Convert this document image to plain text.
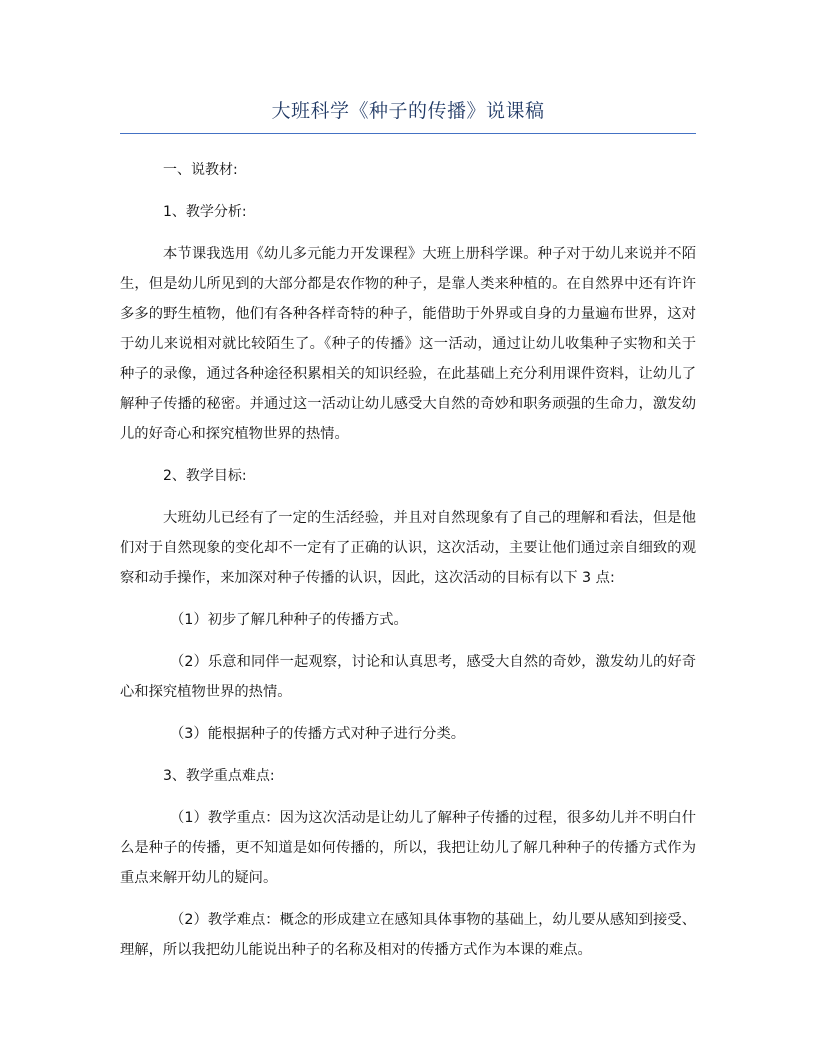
大班科学《种子的传播》说课稿

一、说教材:

1、教学分析:

本节课我选用《幼儿多元能力开发课程》大班上册科学课。种子对于幼儿来说并不陌生，但是幼儿所见到的大部分都是农作物的种子，是靠人类来种植的。在自然界中还有许许多多的野生植物，他们有各种各样奇特的种子，能借助于外界或自身的力量遍布世界，这对于幼儿来说相对就比较陌生了。《种子的传播》这一活动，通过让幼儿收集种子实物和关于种子的录像，通过各种途径积累相关的知识经验，在此基础上充分利用课件资料，让幼儿了解种子传播的秘密。并通过这一活动让幼儿感受大自然的奇妙和职务顽强的生命力，激发幼儿的好奇心和探究植物世界的热情。

2、教学目标:

大班幼儿已经有了一定的生活经验，并且对自然现象有了自己的理解和看法，但是他们对于自然现象的变化却不一定有了正确的认识，这次活动，主要让他们通过亲自细致的观察和动手操作，来加深对种子传播的认识，因此，这次活动的目标有以下 3 点:

（1）初步了解几种种子的传播方式。

（2）乐意和同伴一起观察，讨论和认真思考，感受大自然的奇妙，激发幼儿的好奇心和探究植物世界的热情。

（3）能根据种子的传播方式对种子进行分类。

3、教学重点难点:

（1）教学重点：因为这次活动是让幼儿了解种子传播的过程，很多幼儿并不明白什么是种子的传播，更不知道是如何传播的，所以，我把让幼儿了解几种种子的传播方式作为重点来解开幼儿的疑问。

（2）教学难点：概念的形成建立在感知具体事物的基础上，幼儿要从感知到接受、理解，所以我把幼儿能说出种子的名称及相对的传播方式作为本课的难点。
